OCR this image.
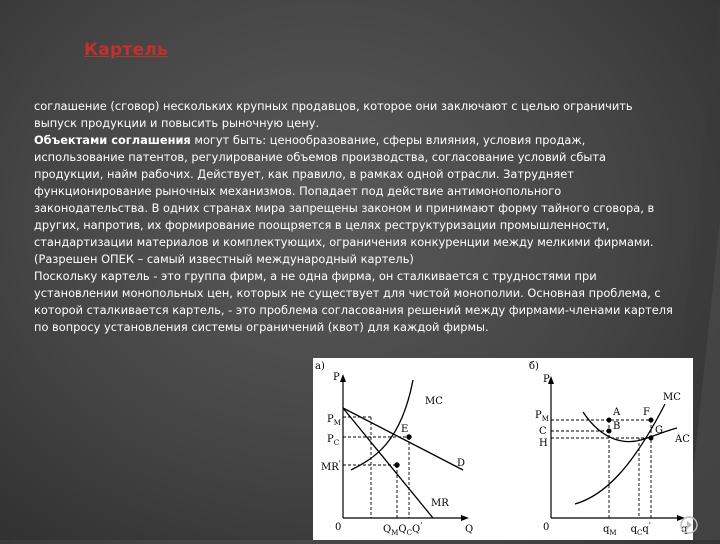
Картель

соглашение (сговор) нескольких крупных продавцов, которое они заключают с целью ограничить выпуск продукции и повысить рыночную цену.

Объектами соглашения могут быть: ценообразование, сферы влияния, условия продаж, использование патентов, регулирование объемов производства, согласование условий сбыта продукции, найм рабочих. Действует, как правило, в рамках одной отрасли. Затрудняет функционирование рыночных механизмов. Попадает под действие антимонопольного законодательства. В одних странах мира запрещены законом и принимают форму тайного сговора, в других, напротив, их формирование поощряется в целях реструктуризации промышленности, стандартизации материалов и комплектующих, ограничения конкуренции между мелкими фирмами. (Разрешен ОПЕК – самый известный международный картель)

Поскольку картель - это группа фирм, а не одна фирма, он сталкивается с трудностями при установлении монопольных цен, которых не существует для чистой монополии. Основная проблема, с которой сталкивается картель, - это проблема согласования решений между фирмами-членами картеля по вопросу установления системы ограничений (квот) для каждой фирмы.

а)
P
0	Q
$P_M$
$P_C$
MR'
MC
E
D
MR
$Q_MQ_CQ'$
б)
P
0	q
$P_M$
C
H
A F
B	G
MC
AC
$q_M$ $q_Cq'$
